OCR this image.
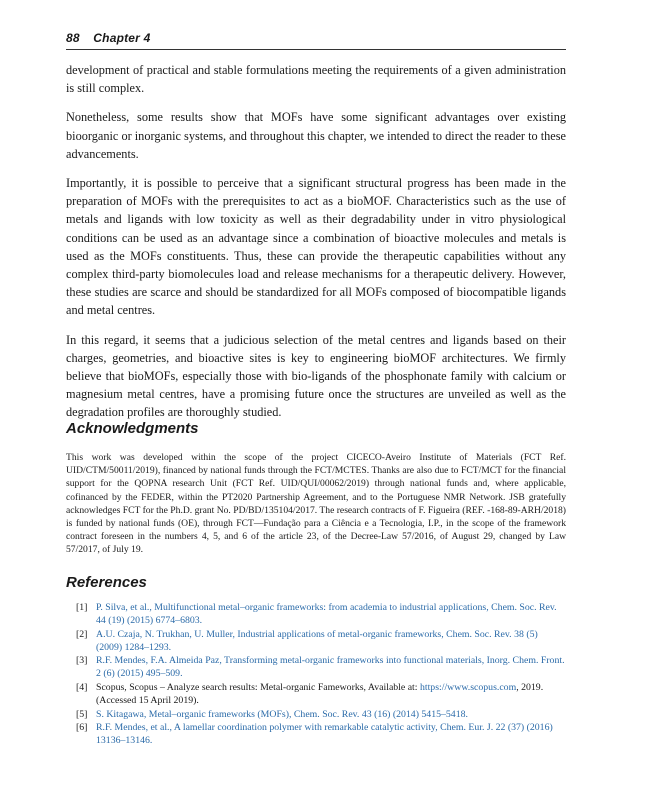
88 Chapter 4

development of practical and stable formulations meeting the requirements of a given administration is still complex.

Nonetheless, some results show that MOFs have some significant advantages over existing bioorganic or inorganic systems, and throughout this chapter, we intended to direct the reader to these advancements.

Importantly, it is possible to perceive that a significant structural progress has been made in the preparation of MOFs with the prerequisites to act as a bioMOF. Characteristics such as the use of metals and ligands with low toxicity as well as their degradability under in vitro physiological conditions can be used as an advantage since a combination of bioactive molecules and metals is used as the MOFs constituents. Thus, these can provide the therapeutic capabilities without any complex third-party biomolecules load and release mechanisms for a therapeutic delivery. However, these studies are scarce and should be standardized for all MOFs composed of biocompatible ligands and metal centres.

In this regard, it seems that a judicious selection of the metal centres and ligands based on their charges, geometries, and bioactive sites is key to engineering bioMOF architectures. We firmly believe that bioMOFs, especially those with bio-ligands of the phosphonate family with calcium or magnesium metal centres, have a promising future once the structures are unveiled as well as the degradation profiles are thoroughly studied.

Acknowledgments
This work was developed within the scope of the project CICECO-Aveiro Institute of Materials (FCT Ref. UID/CTM/50011/2019), financed by national funds through the FCT/MCTES. Thanks are also due to FCT/MCT for the financial support for the QOPNA research Unit (FCT Ref. UID/QUI/00062/2019) through national funds and, where applicable, cofinanced by the FEDER, within the PT2020 Partnership Agreement, and to the Portuguese NMR Network. JSB gratefully acknowledges FCT for the Ph.D. grant No. PD/BD/135104/2017. The research contracts of F. Figueira (REF. -168-89-ARH/2018) is funded by national funds (OE), through FCT—Fundação para a Ciência e a Tecnologia, I.P., in the scope of the framework contract foreseen in the numbers 4, 5, and 6 of the article 23, of the Decree-Law 57/2016, of August 29, changed by Law 57/2017, of July 19.
References
[1] P. Silva, et al., Multifunctional metal–organic frameworks: from academia to industrial applications, Chem. Soc. Rev. 44 (19) (2015) 6774–6803.
[2] A.U. Czaja, N. Trukhan, U. Muller, Industrial applications of metal-organic frameworks, Chem. Soc. Rev. 38 (5) (2009) 1284–1293.
[3] R.F. Mendes, F.A. Almeida Paz, Transforming metal-organic frameworks into functional materials, Inorg. Chem. Front. 2 (6) (2015) 495–509.
[4] Scopus, Scopus – Analyze search results: Metal-organic Fameworks, Available at: https://www.scopus.com, 2019. (Accessed 15 April 2019).
[5] S. Kitagawa, Metal–organic frameworks (MOFs), Chem. Soc. Rev. 43 (16) (2014) 5415–5418.
[6] R.F. Mendes, et al., A lamellar coordination polymer with remarkable catalytic activity, Chem. Eur. J. 22 (37) (2016) 13136–13146.
